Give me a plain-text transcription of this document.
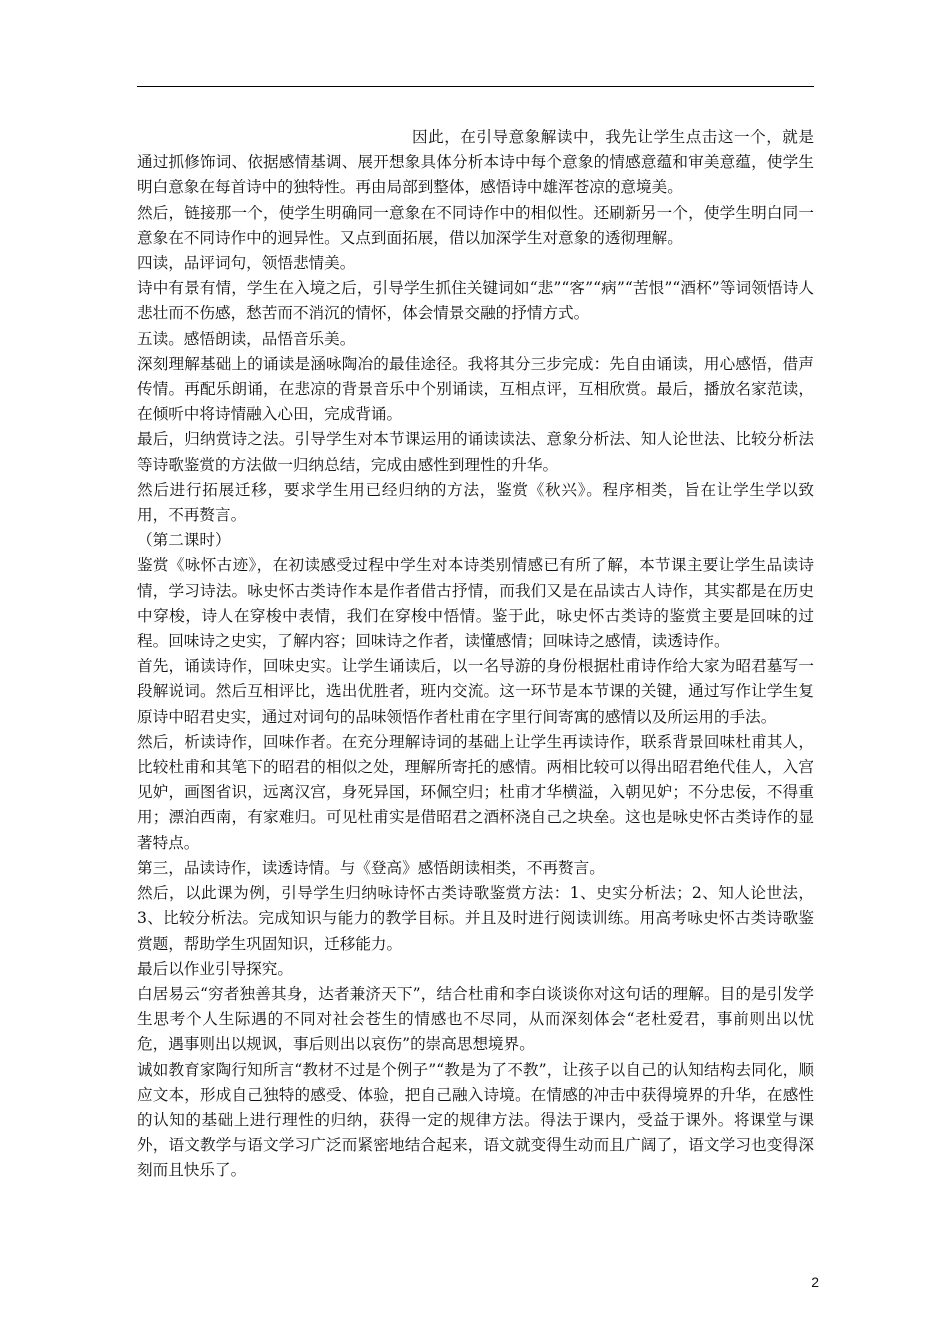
因此，在引导意象解读中，我先让学生点击这一个，就是通过抓修饰词、依据感情基调、展开想象具体分析本诗中每个意象的情感意蕴和审美意蕴，使学生明白意象在每首诗中的独特性。再由局部到整体，感悟诗中雄浑苍凉的意境美。

然后，链接那一个，使学生明确同一意象在不同诗作中的相似性。还刷新另一个，使学生明白同一意象在不同诗作中的迥异性。又点到面拓展，借以加深学生对意象的透彻理解。

四读，品评词句，领悟悲情美。

诗中有景有情，学生在入境之后，引导学生抓住关键词如“悲”“客”“病”“苦恨”“酒杯”等词领悟诗人悲壮而不伤感，愁苦而不消沉的情怀，体会情景交融的抒情方式。

五读。感悟朗读，品悟音乐美。

深刻理解基础上的诵读是涵咏陶冶的最佳途径。我将其分三步完成：先自由诵读，用心感悟，借声传情。再配乐朗诵，在悲凉的背景音乐中个别诵读，互相点评，互相欣赏。最后，播放名家范读，在倾听中将诗情融入心田，完成背诵。

最后，归纳赏诗之法。引导学生对本节课运用的诵读读法、意象分析法、知人论世法、比较分析法等诗歌鉴赏的方法做一归纳总结，完成由感性到理性的升华。

然后进行拓展迁移，要求学生用已经归纳的方法，鉴赏《秋兴》。程序相类，旨在让学生学以致用，不再赘言。

（第二课时）

鉴赏《咏怀古迹》，在初读感受过程中学生对本诗类别情感已有所了解，本节课主要让学生品读诗情，学习诗法。咏史怀古类诗作本是作者借古抒情，而我们又是在品读古人诗作，其实都是在历史中穿梭，诗人在穿梭中表情，我们在穿梭中悟情。鉴于此，咏史怀古类诗的鉴赏主要是回味的过程。回味诗之史实，了解内容；回味诗之作者，读懂感情；回味诗之感情，读透诗作。

首先，诵读诗作，回味史实。让学生诵读后，以一名导游的身份根据杜甫诗作给大家为昭君墓写一段解说词。然后互相评比，选出优胜者，班内交流。这一环节是本节课的关键，通过写作让学生复原诗中昭君史实，通过对词句的品味领悟作者杜甫在字里行间寄寓的感情以及所运用的手法。

然后，析读诗作，回味作者。在充分理解诗词的基础上让学生再读诗作，联系背景回味杜甫其人，比较杜甫和其笔下的昭君的相似之处，理解所寄托的感情。两相比较可以得出昭君绝代佳人，入宫见妒，画图省识，远离汉宫，身死异国，环佩空归；杜甫才华横溢，入朝见妒；不分忠佞，不得重用；漂泊西南，有家难归。可见杜甫实是借昭君之酒杯浇自己之块垒。这也是咏史怀古类诗作的显著特点。

第三，品读诗作，读透诗情。与《登高》感悟朗读相类，不再赘言。

然后，以此课为例，引导学生归纳咏诗怀古类诗歌鉴赏方法：1、史实分析法；2、知人论世法，3、比较分析法。完成知识与能力的教学目标。并且及时进行阅读训练。用高考咏史怀古类诗歌鉴赏题，帮助学生巩固知识，迁移能力。

最后以作业引导探究。

白居易云“穷者独善其身，达者兼济天下”，结合杜甫和李白谈谈你对这句话的理解。目的是引发学生思考个人生际遇的不同对社会苍生的情感也不尽同，从而深刻体会“老杜爱君，事前则出以忧危，遇事则出以规讽，事后则出以哀伤”的崇高思想境界。

诚如教育家陶行知所言“教材不过是个例子”“教是为了不教”，让孩子以自己的认知结构去同化，顺应文本，形成自己独特的感受、体验，把自己融入诗境。在情感的冲击中获得境界的升华，在感性的认知的基础上进行理性的归纳，获得一定的规律方法。得法于课内，受益于课外。将课堂与课外，语文教学与语文学习广泛而紧密地结合起来，语文就变得生动而且广阔了，语文学习也变得深刻而且快乐了。

2
